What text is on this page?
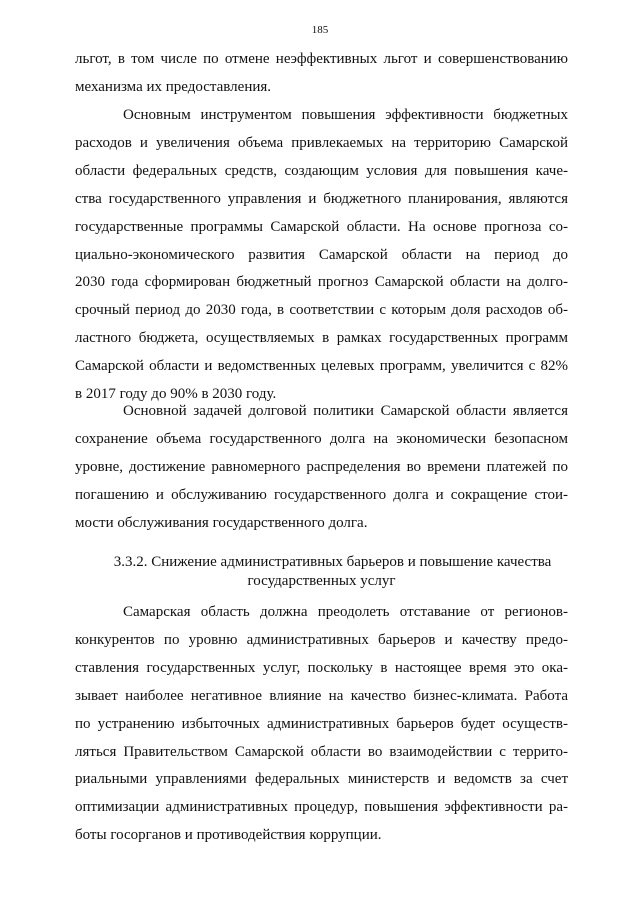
185
льгот, в том числе по отмене неэффективных льгот и совершенствованию
механизма их предоставления.
Основным инструментом повышения эффективности бюджетных
расходов и увеличения объема привлекаемых на территорию Самарской
области федеральных средств, создающим условия для повышения каче-
ства государственного управления и бюджетного планирования, являются
государственные программы Самарской области. На основе прогноза со-
циально-экономического развития Самарской области на период до
2030 года сформирован бюджетный прогноз Самарской области на долго-
срочный период до 2030 года, в соответствии с которым доля расходов об-
ластного бюджета, осуществляемых в рамках государственных программ
Самарской области и ведомственных целевых программ, увеличится с 82%
в 2017 году до 90% в 2030 году.
Основной задачей долговой политики Самарской области является
сохранение объема государственного долга на экономически безопасном
уровне, достижение равномерного распределения во времени платежей по
погашению и обслуживанию государственного долга и сокращение стои-
мости обслуживания государственного долга.
3.3.2. Снижение административных барьеров и повышение качества
государственных услуг
Самарская область должна преодолеть отставание от регионов-
конкурентов по уровню административных барьеров и качеству предо-
ставления государственных услуг, поскольку в настоящее время это ока-
зывает наиболее негативное влияние на качество бизнес-климата. Работа
по устранению избыточных административных барьеров будет осуществ-
ляться Правительством Самарской области во взаимодействии с террито-
риальными управлениями федеральных министерств и ведомств за счет
оптимизации административных процедур, повышения эффективности ра-
боты госорганов и противодействия коррупции.
